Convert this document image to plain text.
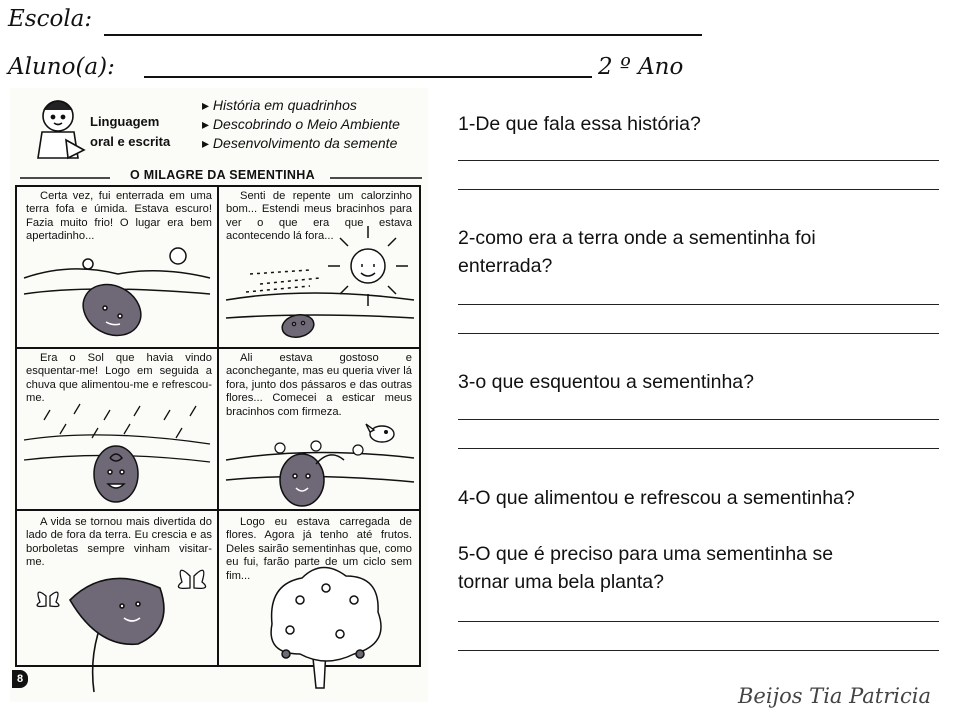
Escola:
Aluno(a):	2 º Ano
Linguagem
oral e escrita
▸ História em quadrinhos
▸ Descobrindo o Meio Ambiente
▸ Desenvolvimento da semente
O MILAGRE DA SEMENTINHA
Certa vez, fui enterrada em uma terra fofa e úmida. Estava escuro! Fazia muito frio! O lugar era bem apertadinho...
Senti de repente um calorzinho bom... Estendi meus bracinhos para ver o que era que estava acontecendo lá fora...
Era o Sol que havia vindo esquentar-me! Logo em seguida a chuva que alimentou-me e refrescou-me.
Ali estava gostoso e aconchegante, mas eu queria viver lá fora, junto dos pássaros e das outras flores... Comecei a esticar meus bracinhos com firmeza.
A vida se tornou mais divertida do lado de fora da terra. Eu crescia e as borboletas sempre vinham visitar-me.
Logo eu estava carregada de flores. Agora já tenho até frutos. Deles sairão sementinhas que, como eu fui, farão parte de um ciclo sem fim...
8
1-De que fala essa história?
2-como era a terra onde a sementinha foi enterrada?
3-o que esquentou a sementinha?
4-O que alimentou e refrescou a sementinha?
5-O que é preciso para uma sementinha se tornar uma bela planta?
Beijos Tia Patricia
